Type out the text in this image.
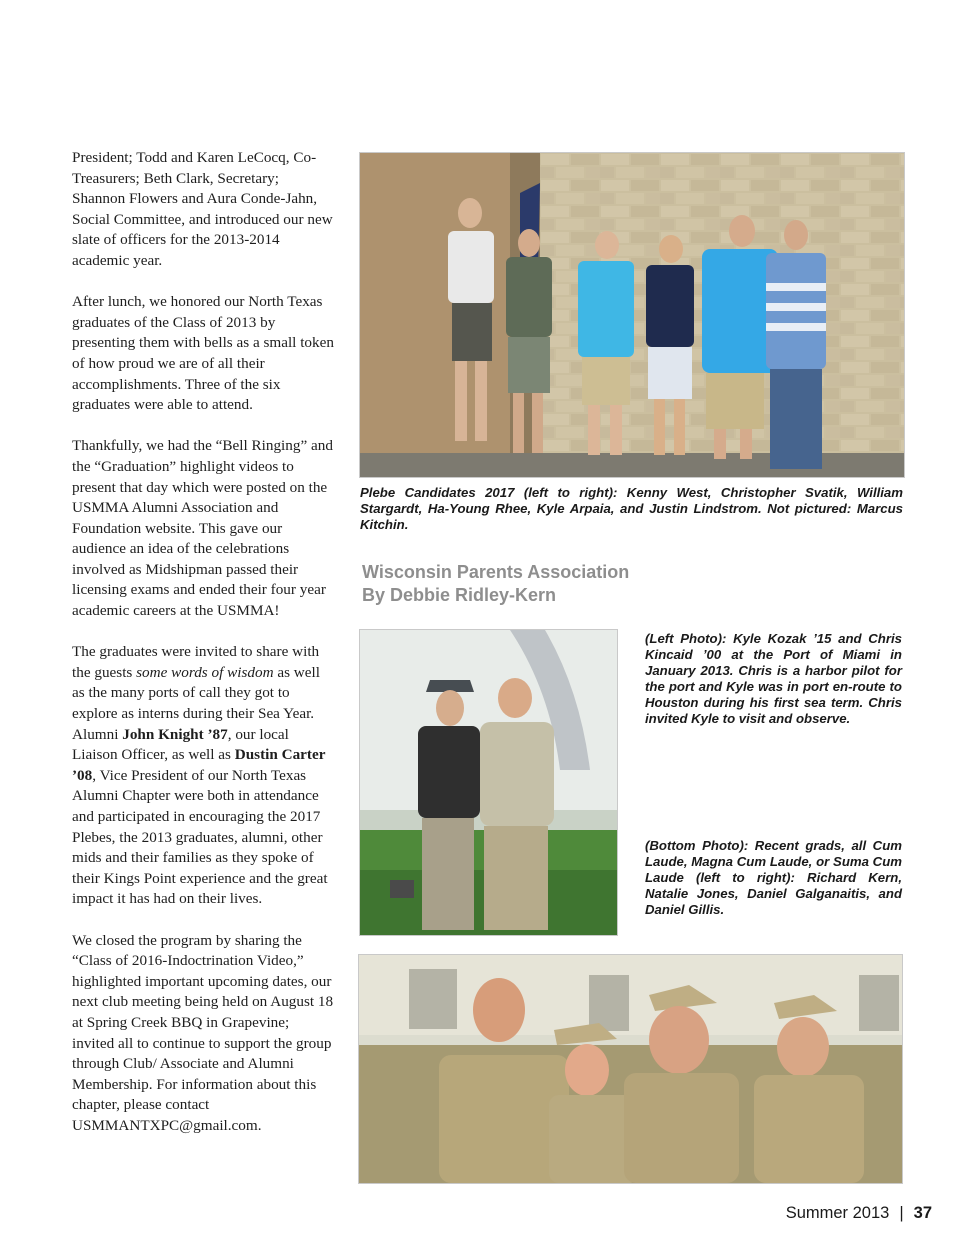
President; Todd and Karen LeCocq, Co-Treasurers; Beth Clark, Secretary; Shannon Flowers and Aura Conde-Jahn, Social Committee, and introduced our new slate of officers for the 2013-2014 academic year.

After lunch, we honored our North Texas graduates of the Class of 2013 by presenting them with bells as a small token of how proud we are of all their accomplishments. Three of the six graduates were able to attend.

Thankfully, we had the “Bell Ringing” and the “Graduation” highlight videos to present that day which were posted on the USMMA Alumni Association and Foundation website. This gave our audience an idea of the celebrations involved as Midshipman passed their licensing exams and ended their four year academic careers at the USMMA!

The graduates were invited to share with the guests some words of wisdom as well as the many ports of call they got to explore as interns during their Sea Year. Alumni John Knight ’87, our local Liaison Officer, as well as Dustin Carter ’08, Vice President of our North Texas Alumni Chapter were both in attendance and participated in encouraging the 2017 Plebes, the 2013 graduates, alumni, other mids and their families as they spoke of their Kings Point experience and the great impact it has had on their lives.

We closed the program by sharing the “Class of 2016-Indoctrination Video,” highlighted important upcoming dates, our next club meeting being held on August 18 at Spring Creek BBQ in Grapevine; invited all to continue to support the group through Club/ Associate and Alumni Membership. For information about this chapter, please contact USMMANTXPC@gmail.com.

Plebe Candidates 2017 (left to right): Kenny West, Christopher Svatik, William Stargardt, Ha-Young Rhee, Kyle Arpaia, and Justin Lindstrom. Not pictured: Marcus Kitchin.
Wisconsin Parents Association
By Debbie Ridley-Kern
(Left Photo): Kyle Kozak ’15 and Chris Kincaid ’00 at the Port of Miami in January 2013. Chris is a harbor pilot for the port and Kyle was in port en-route to Houston during his first sea term. Chris invited Kyle to visit and observe.
(Bottom Photo): Recent grads, all Cum Laude, Magna Cum Laude, or Suma Cum Laude (left to right): Richard Kern, Natalie Jones, Daniel Galganaitis, and Daniel Gillis.
Summer 2013 | 37
